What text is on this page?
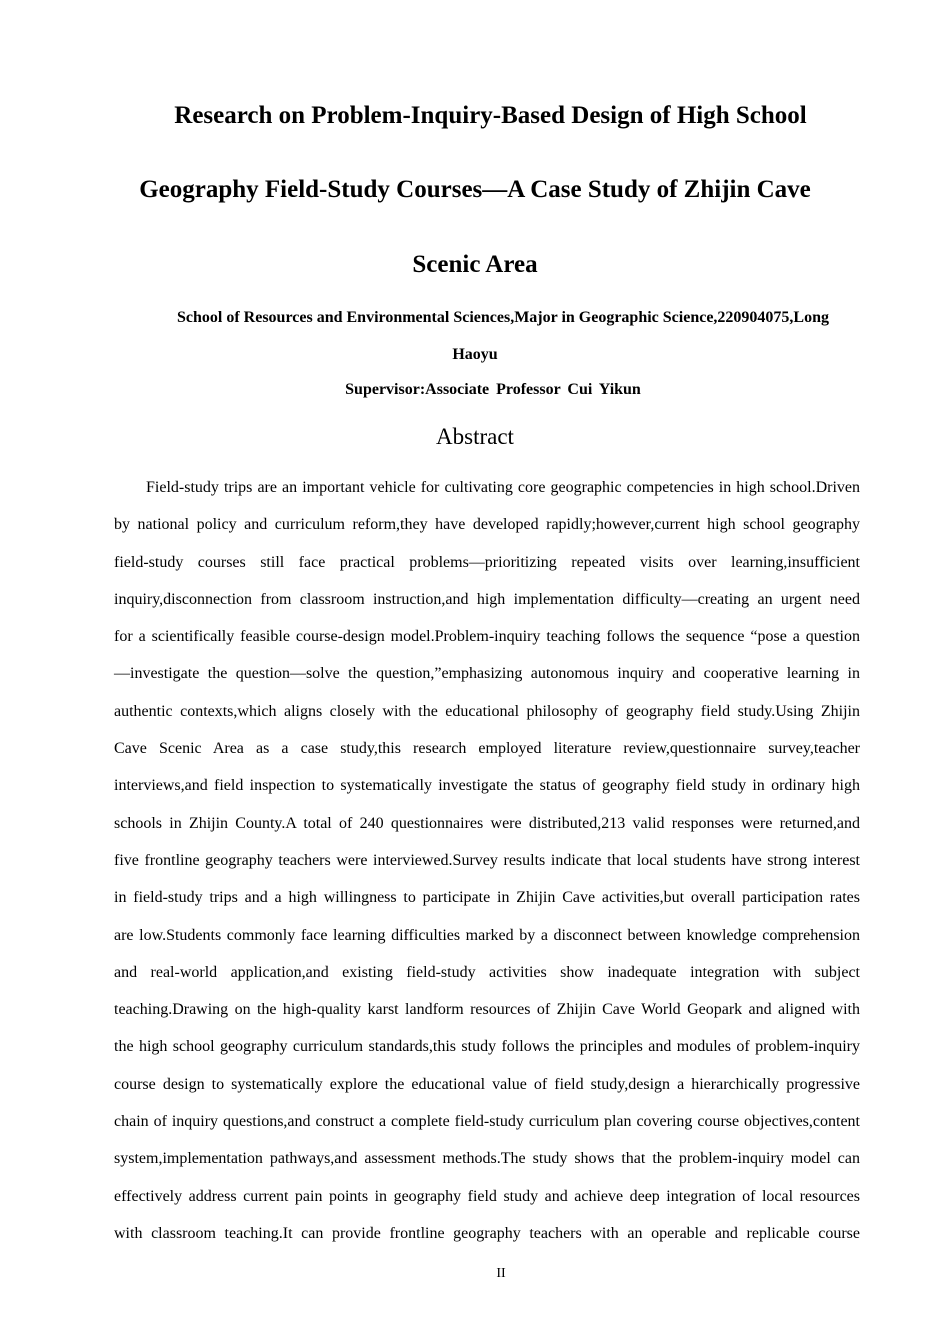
Research on Problem-Inquiry-Based Design of High School
Geography Field-Study Courses—A Case Study of Zhijin Cave
Scenic Area
School of Resources and Environmental Sciences,Major in Geographic Science,220904075,Long
Haoyu
Supervisor:Associate Professor Cui Yikun
Abstract
Field-study trips are an important vehicle for cultivating core geographic competencies in high school.Driven
by national policy and curriculum reform,they have developed rapidly;however,current high school geography
field-study courses still face practical problems—prioritizing repeated visits over learning,insufficient
inquiry,disconnection from classroom instruction,and high implementation difficulty—creating an urgent need
for a scientifically feasible course-design model.Problem-inquiry teaching follows the sequence “pose a question
—investigate the question—solve the question,”emphasizing autonomous inquiry and cooperative learning in
authentic contexts,which aligns closely with the educational philosophy of geography field study.Using Zhijin
Cave Scenic Area as a case study,this research employed literature review,questionnaire survey,teacher
interviews,and field inspection to systematically investigate the status of geography field study in ordinary high
schools in Zhijin County.A total of 240 questionnaires were distributed,213 valid responses were returned,and
five frontline geography teachers were interviewed.Survey results indicate that local students have strong interest
in field-study trips and a high willingness to participate in Zhijin Cave activities,but overall participation rates
are low.Students commonly face learning difficulties marked by a disconnect between knowledge comprehension
and real-world application,and existing field-study activities show inadequate integration with subject
teaching.Drawing on the high-quality karst landform resources of Zhijin Cave World Geopark and aligned with
the high school geography curriculum standards,this study follows the principles and modules of problem-inquiry
course design to systematically explore the educational value of field study,design a hierarchically progressive
chain of inquiry questions,and construct a complete field-study curriculum plan covering course objectives,content
system,implementation pathways,and assessment methods.The study shows that the problem-inquiry model can
effectively address current pain points in geography field study and achieve deep integration of local resources
with classroom teaching.It can provide frontline geography teachers with an operable and replicable course
II
